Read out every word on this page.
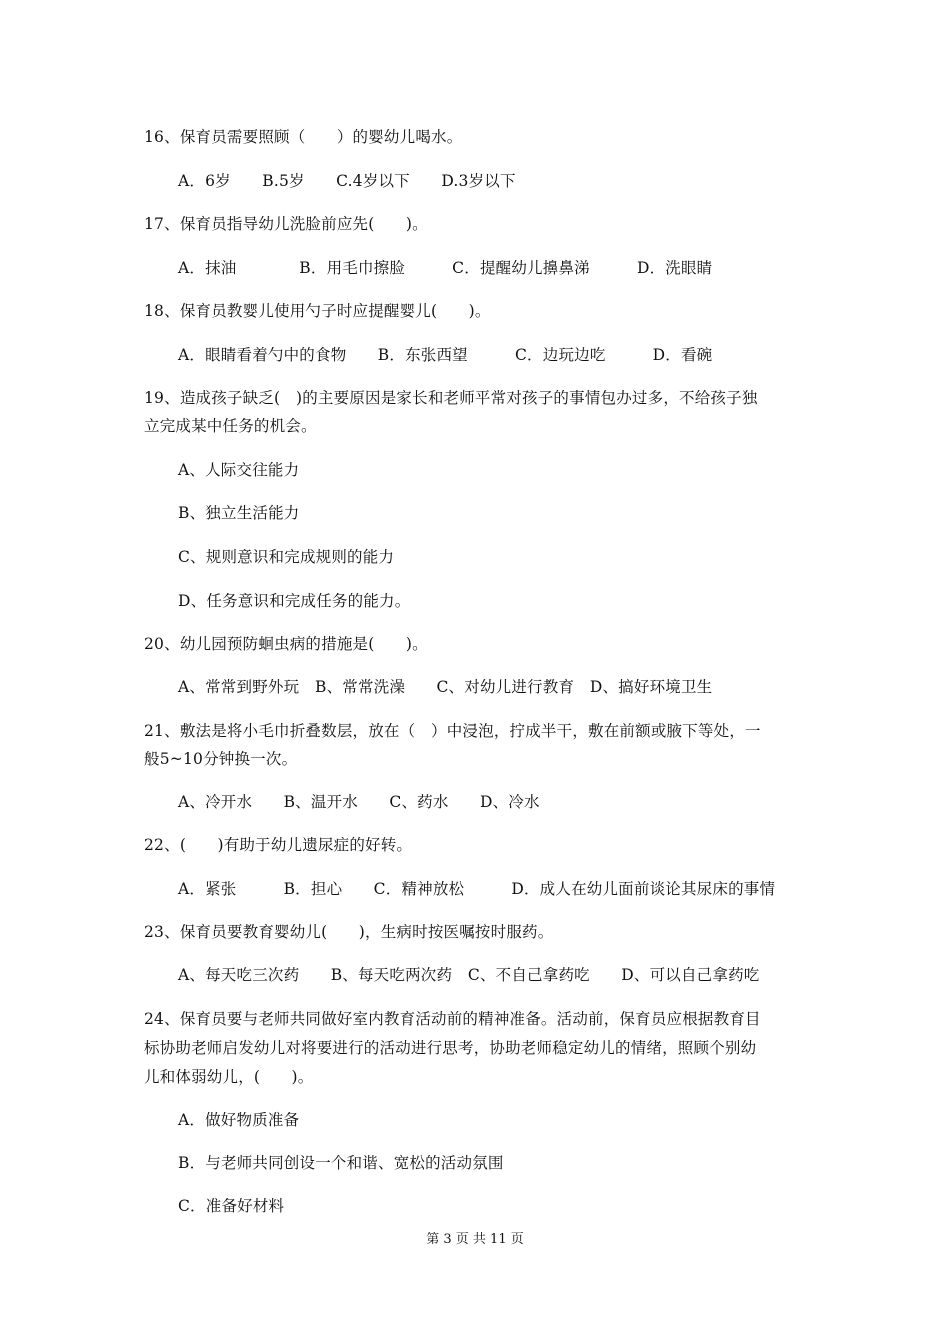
16、保育员需要照顾（　　）的婴幼儿喝水。
A．6岁　　B.5岁　　C.4岁以下　　D.3岁以下
17、保育员指导幼儿洗脸前应先(　　)。
A．抹油　　　　B．用毛巾擦脸　　　C．提醒幼儿擤鼻涕　　　D．洗眼睛
18、保育员教婴儿使用勺子时应提醒婴儿(　　)。
A．眼睛看着勺中的食物　　B．东张西望　　　C．边玩边吃　　　D．看碗
19、造成孩子缺乏(　)的主要原因是家长和老师平常对孩子的事情包办过多，不给孩子独
立完成某中任务的机会。
A、人际交往能力
B、独立生活能力
C、规则意识和完成规则的能力
D、任务意识和完成任务的能力。
20、幼儿园预防蛔虫病的措施是(　　)。
A、常常到野外玩　B、常常洗澡　　C、对幼儿进行教育　D、搞好环境卫生
21、敷法是将小毛巾折叠数层，放在（　）中浸泡，拧成半干，敷在前额或腋下等处，一
般5~10分钟换一次。
A、冷开水　　B、温开水　　C、药水　　D、冷水
22、(　　)有助于幼儿遗尿症的好转。
A．紧张　　　B．担心　　C．精神放松　　　D．成人在幼儿面前谈论其尿床的事情
23、保育员要教育婴幼儿(　　)，生病时按医嘱按时服药。
A、每天吃三次药　　B、每天吃两次药　C、不自己拿药吃　　D、可以自己拿药吃
24、保育员要与老师共同做好室内教育活动前的精神准备。活动前，保育员应根据教育目
标协助老师启发幼儿对将要进行的活动进行思考，协助老师稳定幼儿的情绪，照顾个别幼
儿和体弱幼儿，(　　)。
A．做好物质准备
B．与老师共同创设一个和谐、宽松的活动氛围
C．准备好材料
第 3 页 共 11 页
